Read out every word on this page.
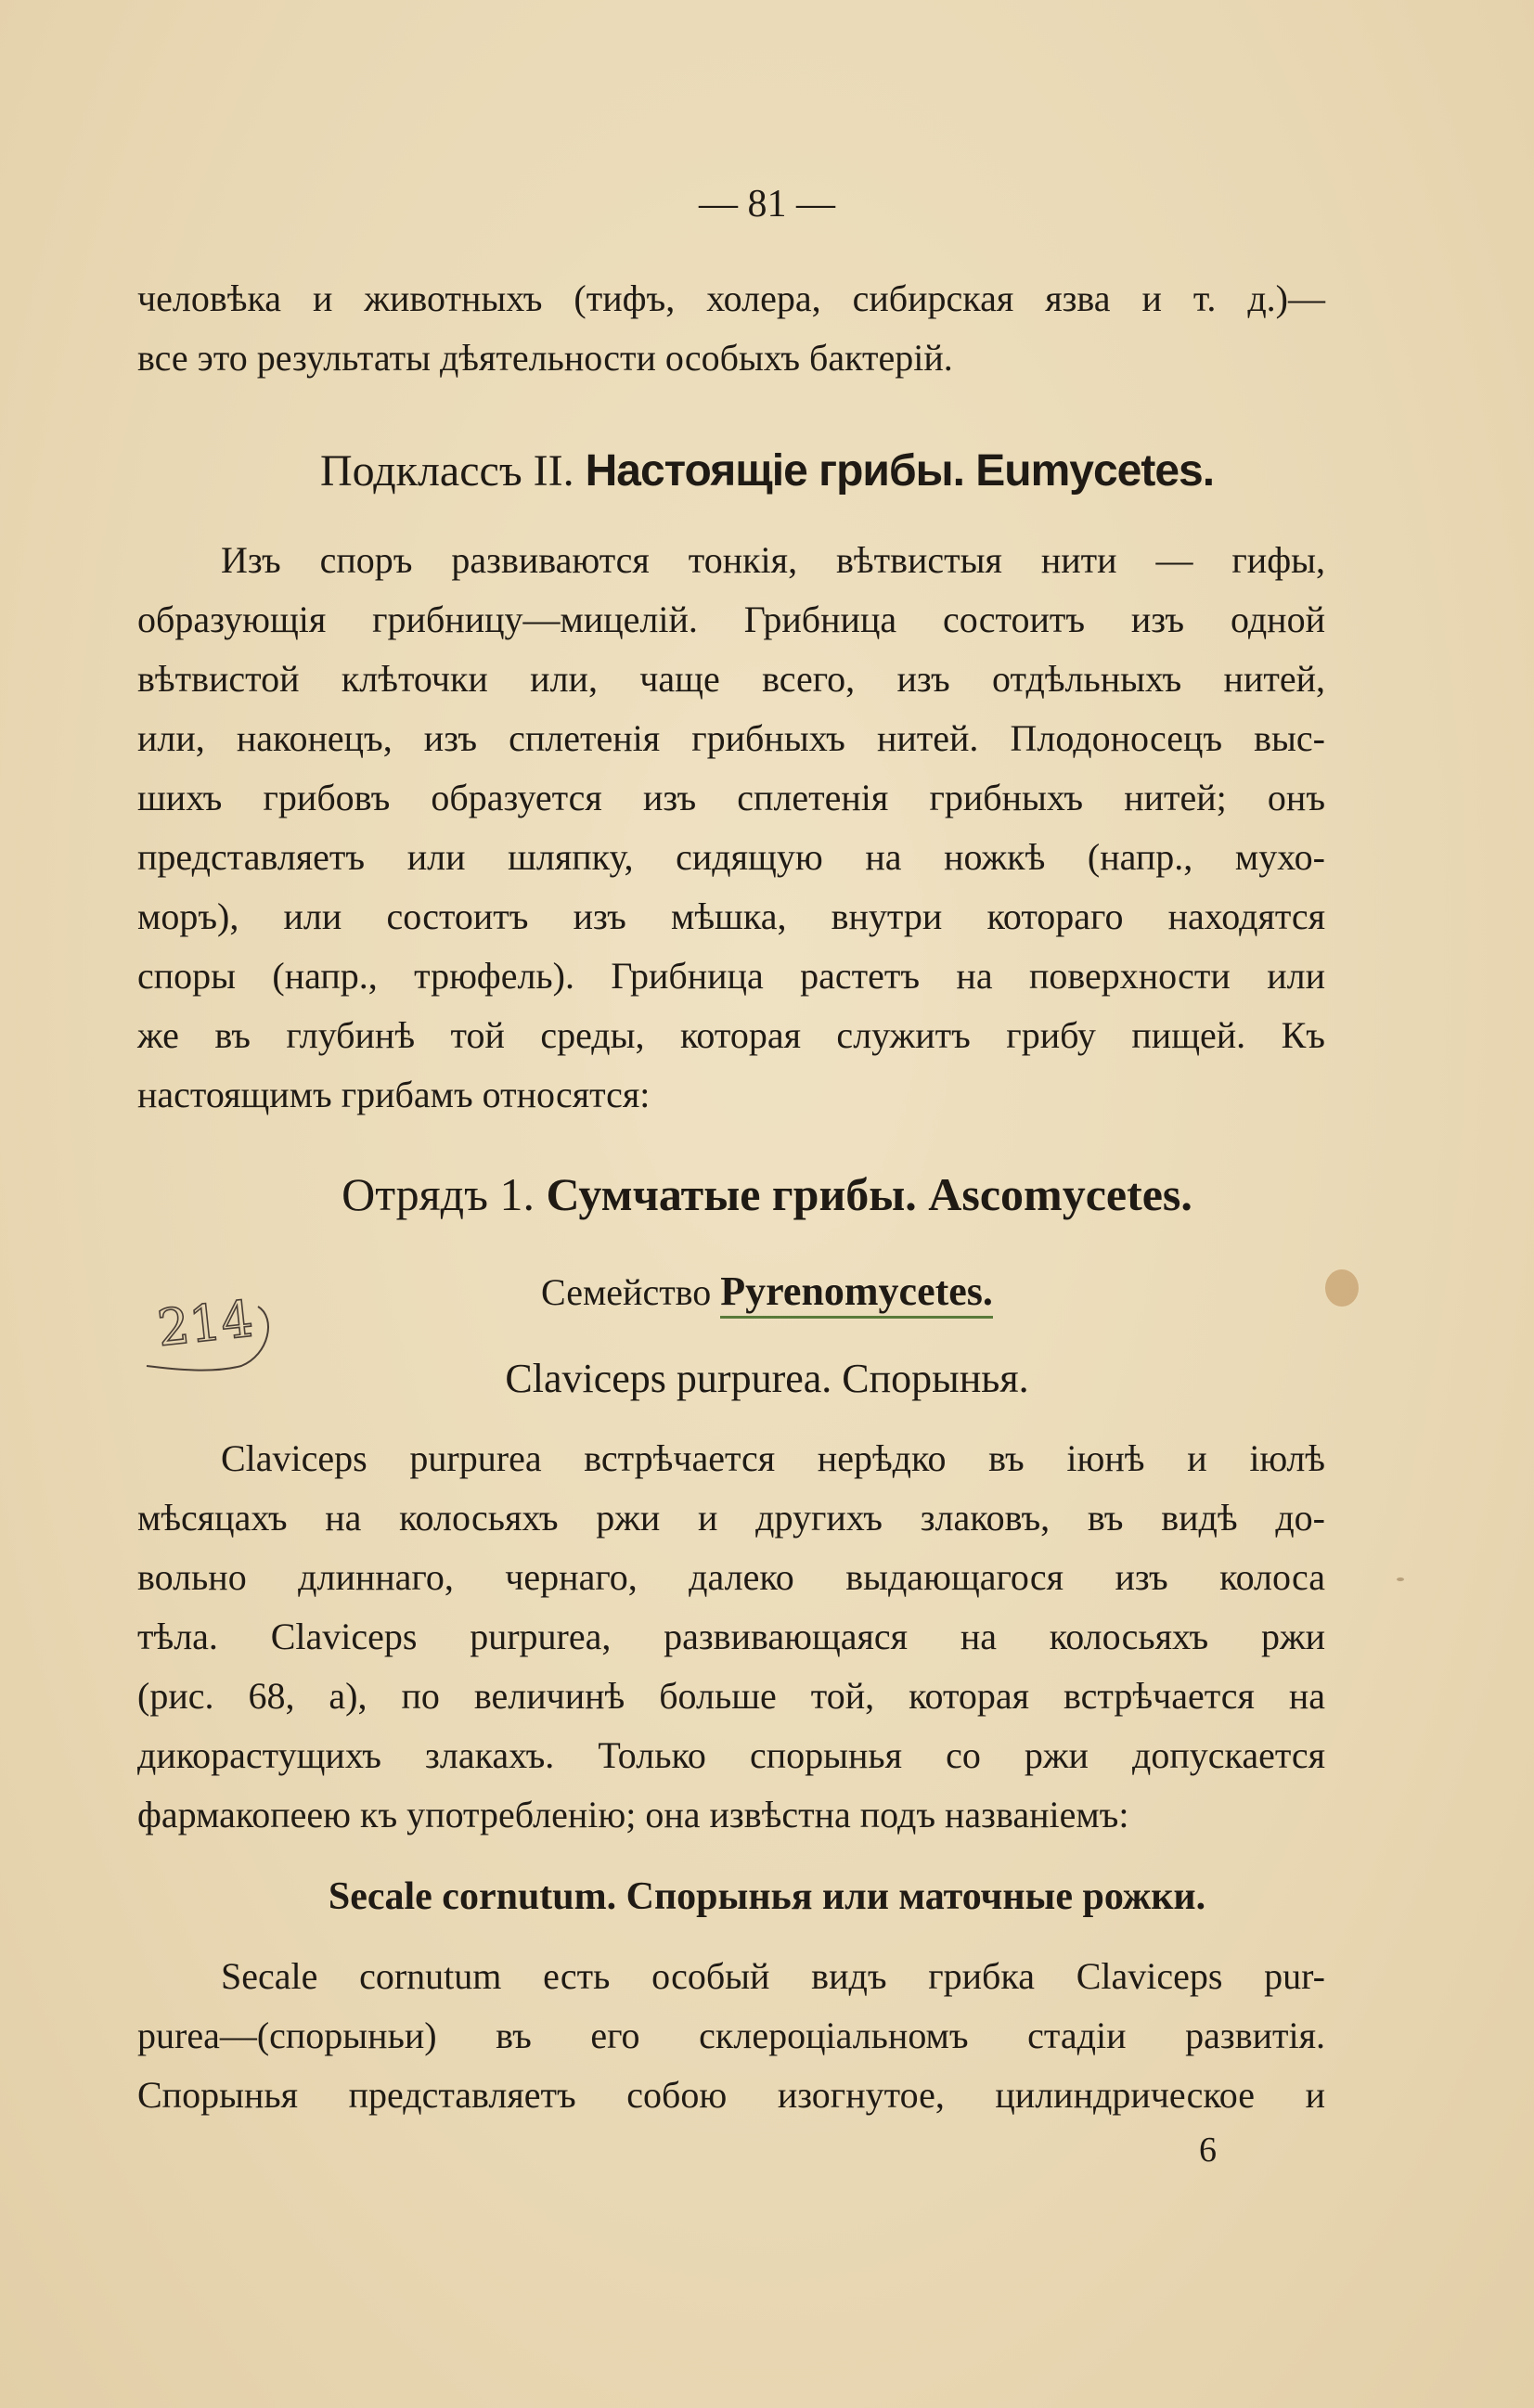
— 81 —
человѣка и животныхъ (тифъ, холера, сибирская язва и т. д.)—
все это результаты дѣятельности особыхъ бактерій.
Подклассъ II. Настоящіе грибы. Eumycetes.
Изъ споръ развиваются тонкія, вѣтвистыя нити — гифы,
образующія грибницу—мицелій. Грибница состоитъ изъ одной
вѣтвистой клѣточки или, чаще всего, изъ отдѣльныхъ нитей,
или, наконецъ, изъ сплетенія грибныхъ нитей. Плодоносецъ выс-
шихъ грибовъ образуется изъ сплетенія грибныхъ нитей; онъ
представляетъ или шляпку, сидящую на ножкѣ (напр., мухо-
моръ), или состоитъ изъ мѣшка, внутри котораго находятся
споры (напр., трюфель). Грибница растетъ на поверхности или
же въ глубинѣ той среды, которая служитъ грибу пищей. Къ
настоящимъ грибамъ относятся:
Отрядъ 1. Сумчатые грибы. Ascomycetes.
Семейство Pyrenomycetes.
214
Claviceps purpurea. Спорынья.
Claviceps purpurea встрѣчается нерѣдко въ іюнѣ и іюлѣ
мѣсяцахъ на колосьяхъ ржи и другихъ злаковъ, въ видѣ до-
вольно длиннаго, чернаго, далеко выдающагося изъ колоса
тѣла. Claviceps purpurea, развивающаяся на колосьяхъ ржи
(рис. 68, a), по величинѣ больше той, которая встрѣчается на
дикорастущихъ злакахъ. Только спорынья со ржи допускается
фармакопеею къ употребленію; она извѣстна подъ названіемъ:
Secale cornutum. Спорынья или маточные рожки.
Secale cornutum есть особый видъ грибка Claviceps pur-
purea—(спорыньи) въ его склероціальномъ стадіи развитія.
Спорынья представляетъ собою изогнутое, цилиндрическое и
6
